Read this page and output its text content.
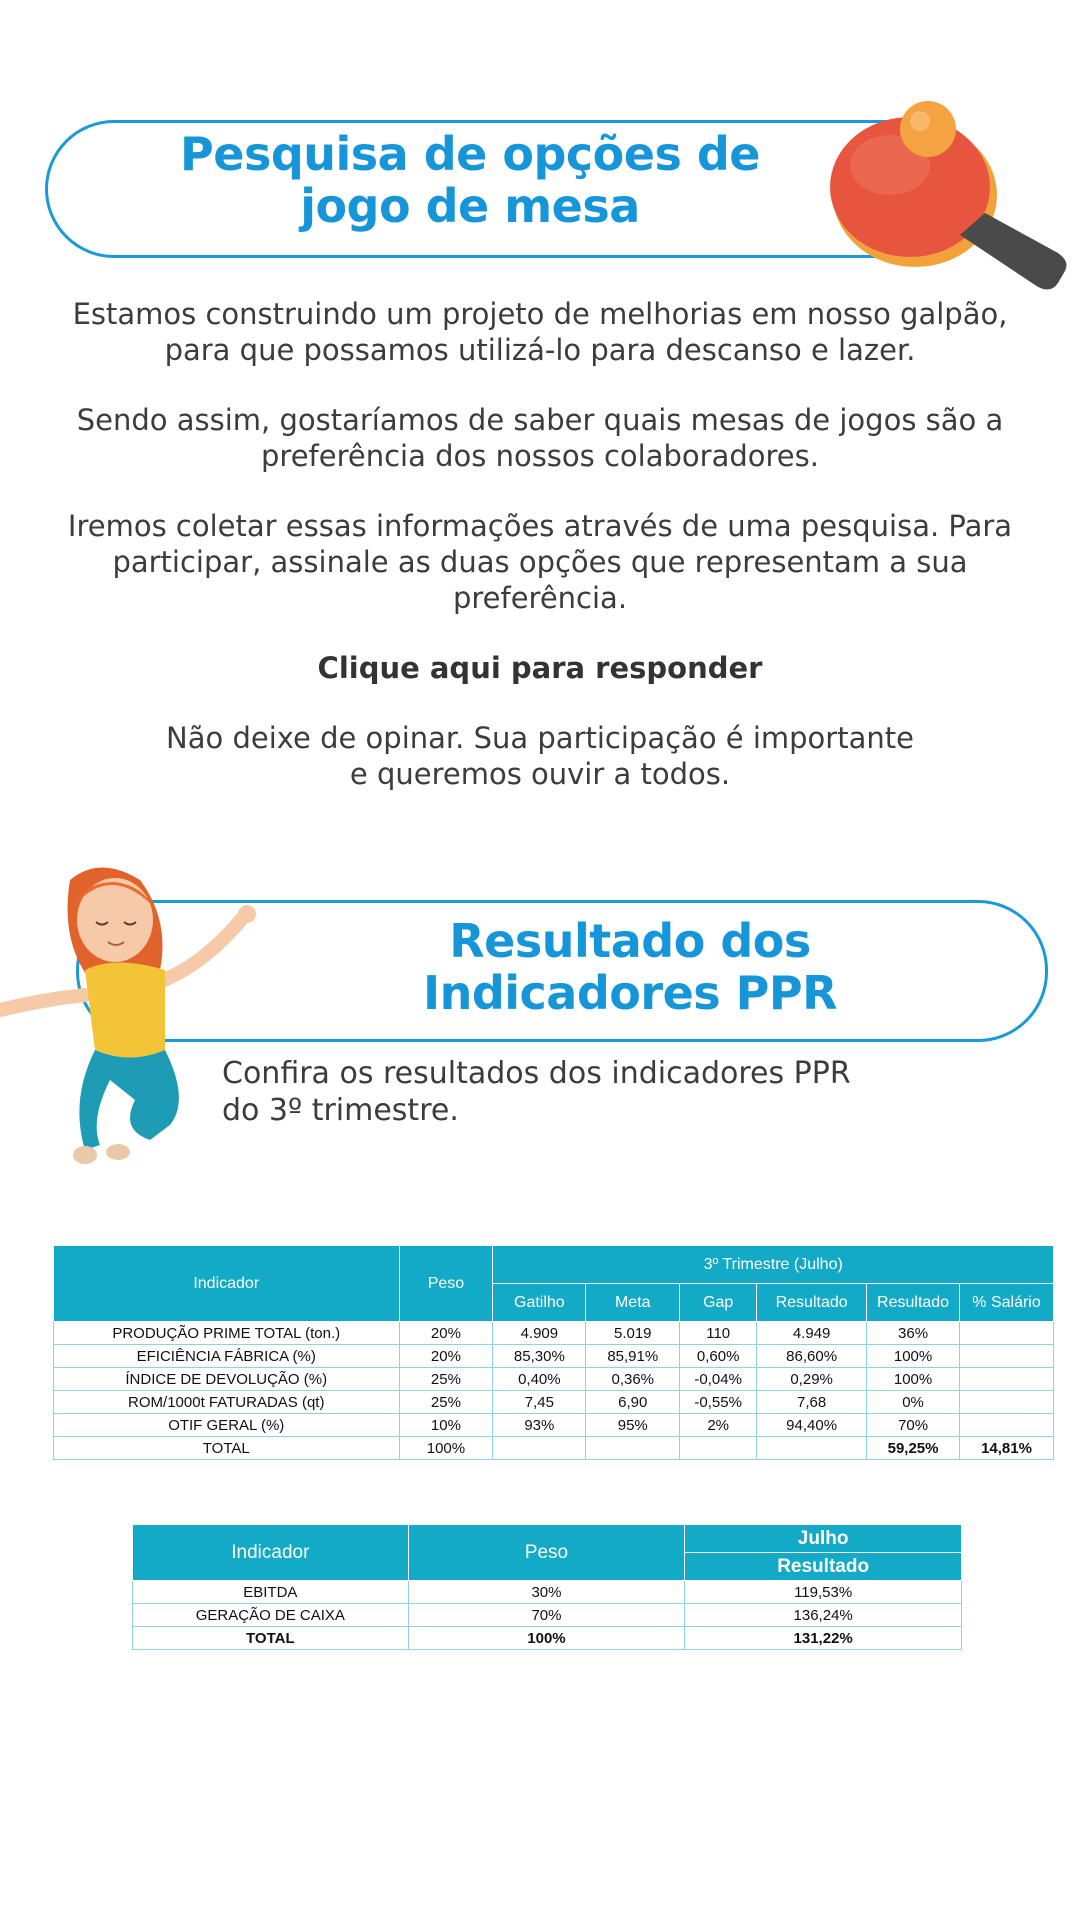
Pesquisa de opções de
jogo de mesa
Estamos construindo um projeto de melhorias em nosso galpão,
para que possamos utilizá-lo para descanso e lazer.
Sendo assim, gostaríamos de saber quais mesas de jogos são a
preferência dos nossos colaboradores.
Iremos coletar essas informações através de uma pesquisa. Para
participar, assinale as duas opções que representam a sua
preferência.
Clique aqui para responder
Não deixe de opinar. Sua participação é importante
e queremos ouvir a todos.
Resultado dos
Indicadores PPR
Confira os resultados dos indicadores PPR
do 3º trimestre.
Indicador	Peso	3º Trimestre (Julho)					
		Gatilho	Meta	Gap	Resultado	Resultado	% Salário
PRODUÇÃO PRIME TOTAL (ton.)	20%	4.909	5.019	110	4.949	36%	
EFICIÊNCIA FÁBRICA (%)	20%	85,30%	85,91%	0,60%	86,60%	100%	
ÍNDICE DE DEVOLUÇÃO (%)	25%	0,40%	0,36%	-0,04%	0,29%	100%	
ROM/1000t FATURADAS (qt)	25%	7,45	6,90	-0,55%	7,68	0%	
OTIF GERAL (%)	10%	93%	95%	2%	94,40%	70%	
TOTAL	100%					59,25%	14,81%
Indicador	Peso	Julho
		Resultado
EBITDA	30%	119,53%
GERAÇÃO DE CAIXA	70%	136,24%
TOTAL	100%	131,22%
